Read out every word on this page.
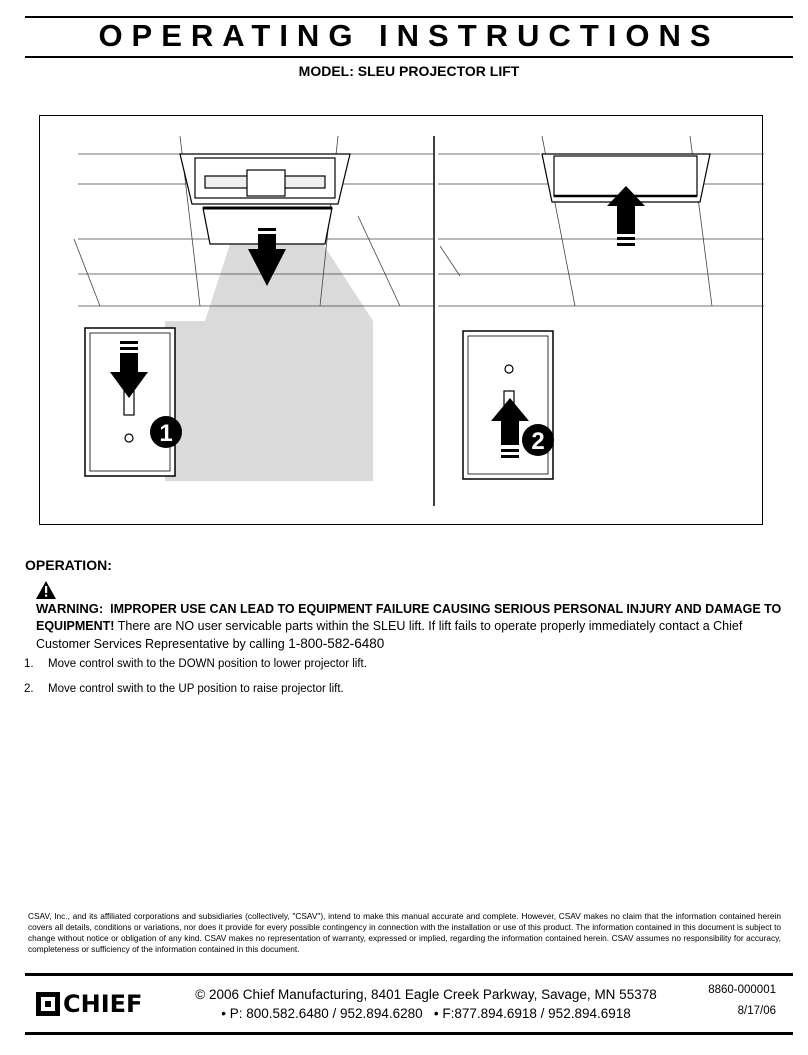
OPERATING INSTRUCTIONS
MODEL: SLEU PROJECTOR LIFT
1	2
OPERATION:
WARNING: IMPROPER USE CAN LEAD TO EQUIPMENT FAILURE CAUSING SERIOUS PERSONAL INJURY AND DAMAGE TO EQUIPMENT! There are NO user servicable parts within the SLEU lift. If lift fails to operate properly immediately contact a Chief Customer Services Representative by calling 1-800-582-6480
1.	Move control swith to the DOWN position to lower projector lift.
2.	Move control swith to the UP position to raise projector lift.
CSAV, Inc., and its affiliated corporations and subsidiaries (collectively, "CSAV"), intend to make this manual accurate and complete. However, CSAV makes no claim that the information contained herein covers all details, conditions or variations, nor does it provide for every possible contingency in connection with the installation or use of this product. The information contained in this document is subject to change without notice or obligation of any kind. CSAV makes no representation of warranty, expressed or implied, regarding the information contained herein. CSAV assumes no responsibility for accuracy, completeness or sufficiency of the information contained in this document.
CHIEF	© 2006 Chief Manufacturing, 8401 Eagle Creek Parkway, Savage, MN 55378
• P: 800.582.6480 / 952.894.6280   • F:877.894.6918 / 952.894.6918
8860-000001
8/17/06
